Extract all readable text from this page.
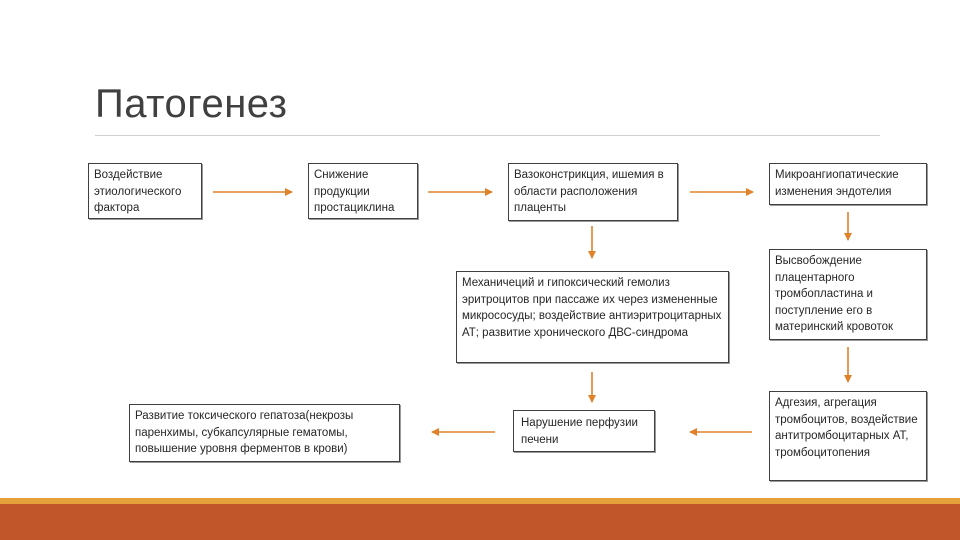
Патогенез
Воздействие этиологического фактора
Снижение продукции простациклина
Вазоконстрикция, ишемия в области расположения плаценты
Микроангиопатические изменения эндотелия
Механичеций и гипоксический гемолиз эритроцитов при пассаже их через измененные микрососуды; воздействие антиэритроцитарных АТ; развитие хронического ДВС-синдрома
Высвобождение плацентарного тромбопластина и поступление его в материнский кровоток
Развитие токсического гепатоза(некрозы паренхимы, субкапсулярные гематомы, повышение уровня ферментов в крови)
Нарушение перфузии печени
Адгезия, агрегация тромбоцитов, воздействие антитромбоцитарных АТ, тромбоцитопения
